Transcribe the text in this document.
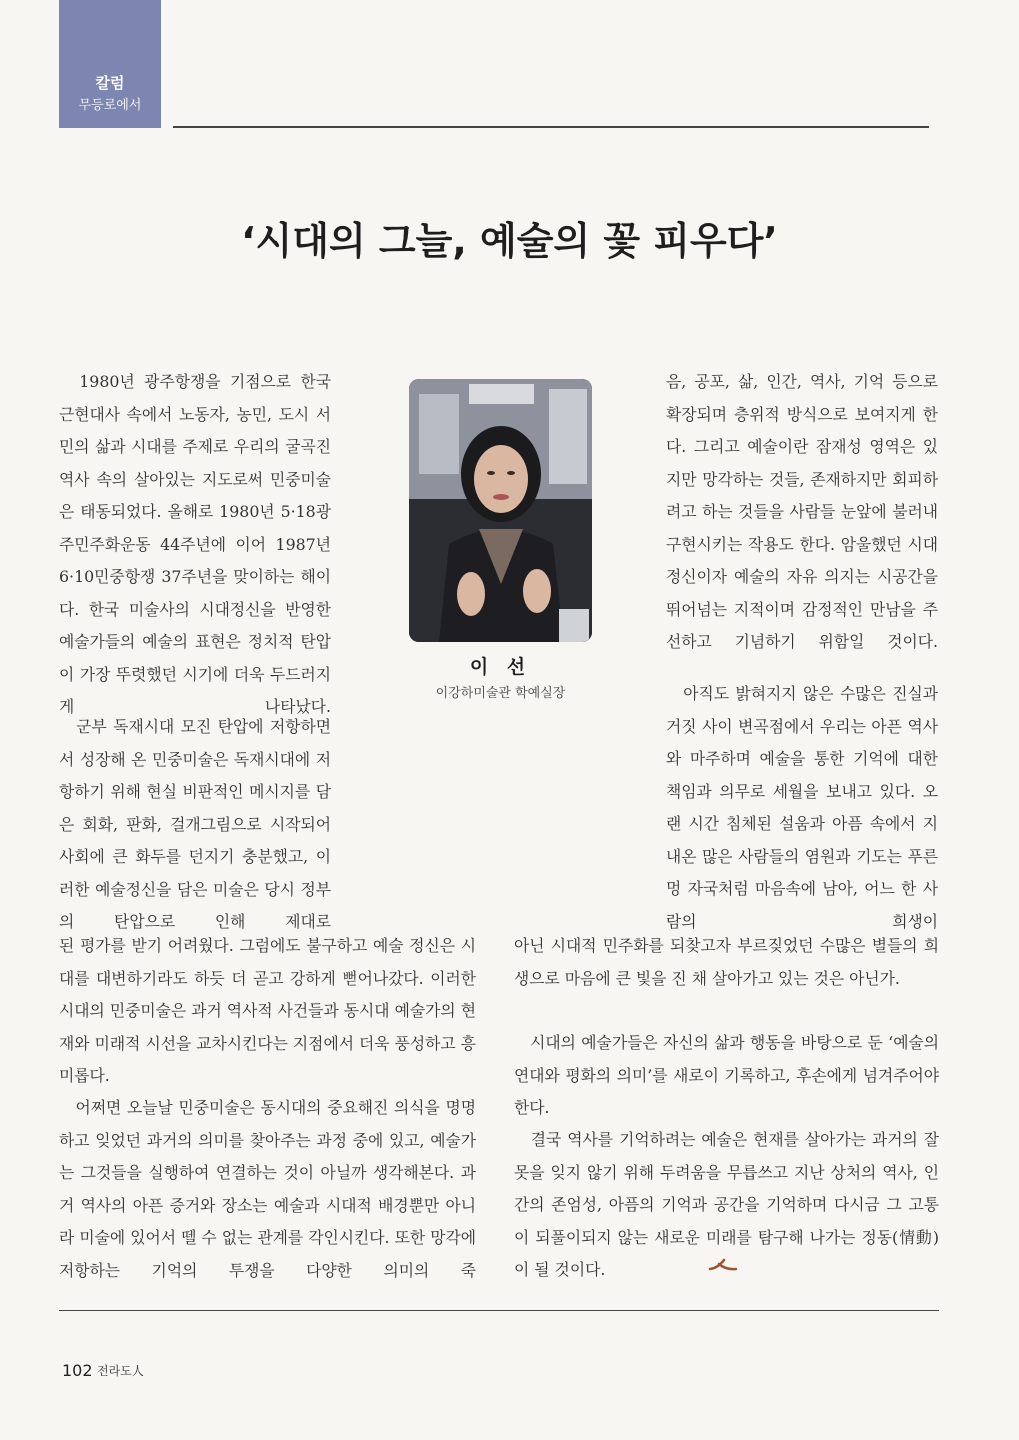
칼럼
무등로에서
‘시대의 그늘, 예술의 꽃 피우다’

　1980년 광주항쟁을 기점으로 한국 근현대사 속에서 노동자, 농민, 도시 서민의 삶과 시대를 주제로 우리의 굴곡진 역사 속의 살아있는 지도로써 민중미술은 태동되었다. 올해로 1980년 5·18광주민주화운동 44주년에 이어 1987년 6·10민중항쟁 37주년을 맞이하는 해이다. 한국 미술사의 시대정신을 반영한 예술가들의 예술의 표현은 정치적 탄압이 가장 뚜렷했던 시기에 더욱 두드러지게 나타났다.

　군부 독재시대 모진 탄압에 저항하면서 성장해 온 민중미술은 독재시대에 저항하기 위해 현실 비판적인 메시지를 담은 회화, 판화, 걸개그림으로 시작되어 사회에 큰 화두를 던지기 충분했고, 이러한 예술정신을 담은 미술은 당시 정부의 탄압으로 인해 제대로

이 선
이강하미술관 학예실장

음, 공포, 삶, 인간, 역사, 기억 등으로 확장되며 층위적 방식으로 보여지게 한다. 그리고 예술이란 잠재성 영역은 있지만 망각하는 것들, 존재하지만 회피하려고 하는 것들을 사람들 눈앞에 불러내 구현시키는 작용도 한다. 암울했던 시대정신이자 예술의 자유 의지는 시공간을 뛰어넘는 지적이며 감정적인 만남을 주선하고 기념하기 위함일 것이다.

　아직도 밝혀지지 않은 수많은 진실과 거짓 사이 변곡점에서 우리는 아픈 역사와 마주하며 예술을 통한 기억에 대한 책임과 의무로 세월을 보내고 있다. 오랜 시간 침체된 설움과 아픔 속에서 지내온 많은 사람들의 염원과 기도는 푸른 멍 자국처럼 마음속에 남아, 어느 한 사람의 희생이

된 평가를 받기 어려웠다. 그럼에도 불구하고 예술 정신은 시대를 대변하기라도 하듯 더 곧고 강하게 뻗어나갔다. 이러한 시대의 민중미술은 과거 역사적 사건들과 동시대 예술가의 현재와 미래적 시선을 교차시킨다는 지점에서 더욱 풍성하고 흥미롭다.

　어쩌면 오늘날 민중미술은 동시대의 중요해진 의식을 명명하고 잊었던 과거의 의미를 찾아주는 과정 중에 있고, 예술가는 그것들을 실행하여 연결하는 것이 아닐까 생각해본다. 과거 역사의 아픈 증거와 장소는 예술과 시대적 배경뿐만 아니라 미술에 있어서 뗄 수 없는 관계를 각인시킨다. 또한 망각에 저항하는 기억의 투쟁을 다양한 의미의 죽

아닌 시대적 민주화를 되찾고자 부르짖었던 수많은 별들의 희생으로 마음에 큰 빛을 진 채 살아가고 있는 것은 아닌가.

　시대의 예술가들은 자신의 삶과 행동을 바탕으로 둔 ‘예술의 연대와 평화의 의미’를 새로이 기록하고, 후손에게 넘겨주어야한다.

　결국 역사를 기억하려는 예술은 현재를 살아가는 과거의 잘못을 잊지 않기 위해 두려움을 무릅쓰고 지난 상처의 역사, 인간의 존엄성, 아픔의 기억과 공간을 기억하며 다시금 그 고통이 되풀이되지 않는 새로운 미래를 탐구해 나가는 정동(情動)이 될 것이다.

102 전라도人
